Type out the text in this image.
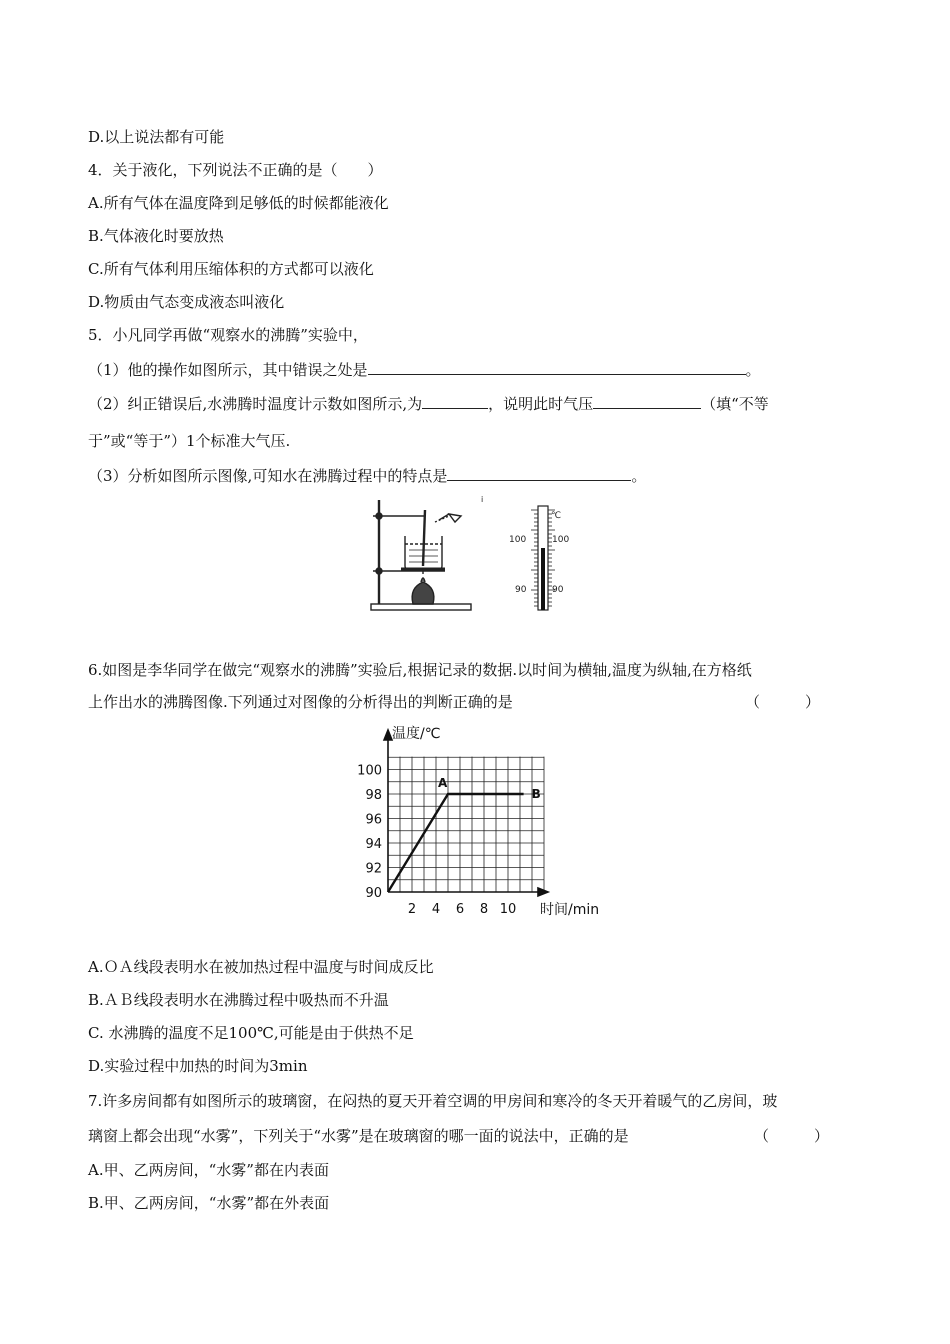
D.以上说法都有可能
4．关于液化，下列说法不正确的是（　　）
A.所有气体在温度降到足够低的时候都能液化
B.气体液化时要放热
C.所有气体利用压缩体积的方式都可以液化
D.物质由气态变成液态叫液化
5．小凡同学再做“观察水的沸腾”实验中，
（1）他的操作如图所示，其中错误之处是	。
（2）纠正错误后,水沸腾时温度计示数如图所示,为	，说明此时气压	（填“不等
于”或“等于”）1个标准大气压.
（3）分析如图所示图像,可知水在沸腾过程中的特点是	。
i
℃
100	100
90	90
6.如图是李华同学在做完“观察水的沸腾”实验后,根据记录的数据.以时间为横轴,温度为纵轴,在方格纸
上作出水的沸腾图像.下列通过对图像的分析得出的判断正确的是	（　　　）
90
92
94
96
98
100
2 4 6 8 10
A
B
温度/℃
时间/min
A.ＯＡ线段表明水在被加热过程中温度与时间成反比
B.ＡＢ线段表明水在沸腾过程中吸热而不升温
C. 水沸腾的温度不足100℃,可能是由于供热不足
D.实验过程中加热的时间为3min
7.许多房间都有如图所示的玻璃窗，在闷热的夏天开着空调的甲房间和寒冷的冬天开着暖气的乙房间，玻
璃窗上都会出现“水雾”，下列关于“水雾”是在玻璃窗的哪一面的说法中，正确的是	（　　　）
A.甲、乙两房间，“水雾”都在内表面
B.甲、乙两房间，“水雾”都在外表面
